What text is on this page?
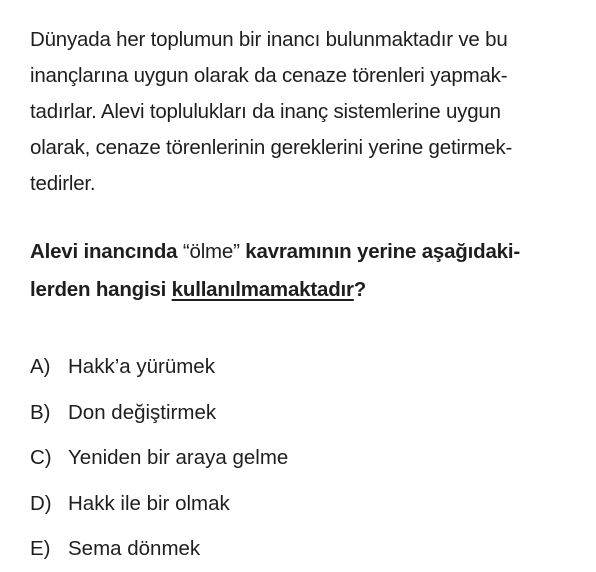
Dünyada her toplumun bir inancı bulunmaktadır ve bu
inançlarına uygun olarak da cenaze törenleri yapmak-
tadırlar. Alevi toplulukları da inanç sistemlerine uygun
olarak, cenaze törenlerinin gereklerini yerine getirmek-
tedirler.
Alevi inancında “ölme” kavramının yerine aşağıdaki-
lerden hangisi kullanılmamaktadır?
A) Hakk’a yürümek
B) Don değiştirmek
C) Yeniden bir araya gelme
D) Hakk ile bir olmak
E) Sema dönmek
